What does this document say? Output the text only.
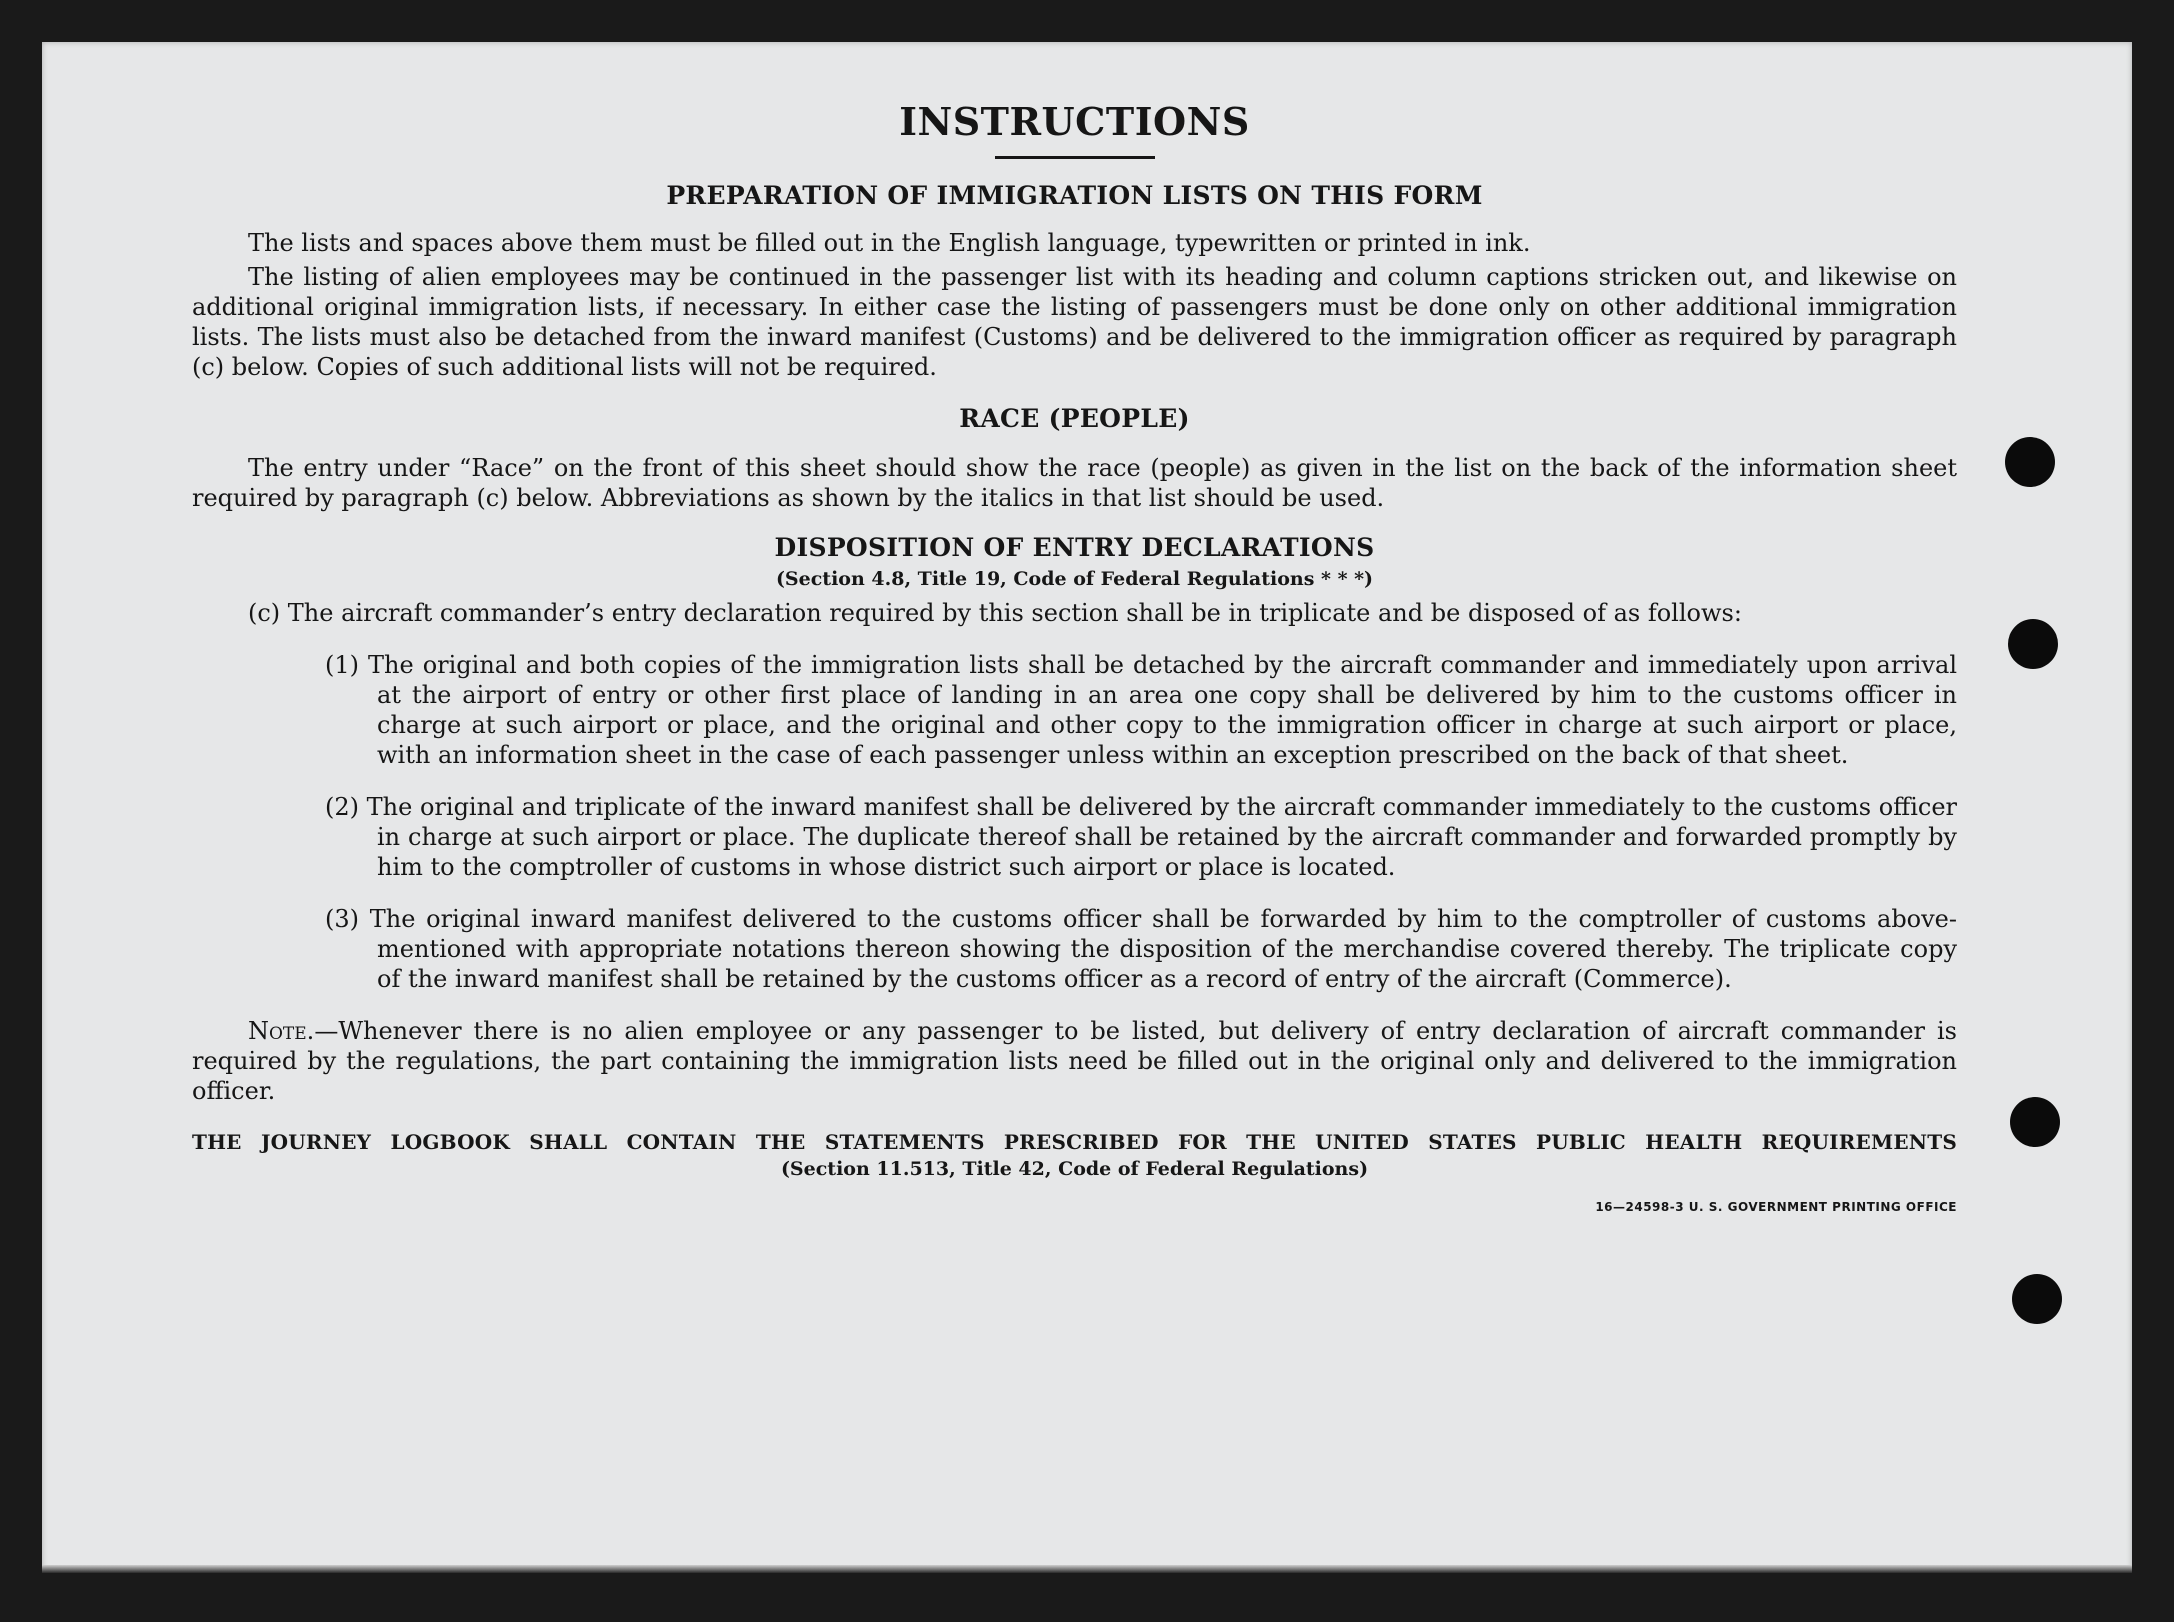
INSTRUCTIONS
PREPARATION OF IMMIGRATION LISTS ON THIS FORM

The lists and spaces above them must be filled out in the English language, typewritten or printed in ink.

The listing of alien employees may be continued in the passenger list with its heading and column captions stricken out, and likewise on additional original immigration lists, if necessary. In either case the listing of passengers must be done only on other additional immigration lists. The lists must also be detached from the inward manifest (Customs) and be delivered to the immigration officer as required by paragraph (c) below. Copies of such additional lists will not be required.

RACE (PEOPLE)

The entry under “Race” on the front of this sheet should show the race (people) as given in the list on the back of the information sheet required by paragraph (c) below. Abbreviations as shown by the italics in that list should be used.

DISPOSITION OF ENTRY DECLARATIONS

(Section 4.8, Title 19, Code of Federal Regulations * * *)

(c) The aircraft commander’s entry declaration required by this section shall be in triplicate and be disposed of as follows:

(1) The original and both copies of the immigration lists shall be detached by the aircraft commander and immediately upon arrival at the airport of entry or other first place of landing in an area one copy shall be delivered by him to the customs officer in charge at such airport or place, and the original and other copy to the immigration officer in charge at such airport or place, with an information sheet in the case of each passenger unless within an exception prescribed on the back of that sheet.

(2) The original and triplicate of the inward manifest shall be delivered by the aircraft commander immediately to the customs officer in charge at such airport or place. The duplicate thereof shall be retained by the aircraft commander and forwarded promptly by him to the comptroller of customs in whose district such airport or place is located.

(3) The original inward manifest delivered to the customs officer shall be forwarded by him to the comptroller of customs above-mentioned with appropriate notations thereon showing the disposition of the merchandise covered thereby. The triplicate copy of the inward manifest shall be retained by the customs officer as a record of entry of the aircraft (Commerce).

Note.—Whenever there is no alien employee or any passenger to be listed, but delivery of entry declaration of aircraft commander is required by the regulations, the part containing the immigration lists need be filled out in the original only and delivered to the immigration officer.

THE JOURNEY LOGBOOK SHALL CONTAIN THE STATEMENTS PRESCRIBED FOR THE UNITED STATES PUBLIC HEALTH REQUIREMENTS

(Section 11.513, Title 42, Code of Federal Regulations)

16—24598-3 U. S. GOVERNMENT PRINTING OFFICE
